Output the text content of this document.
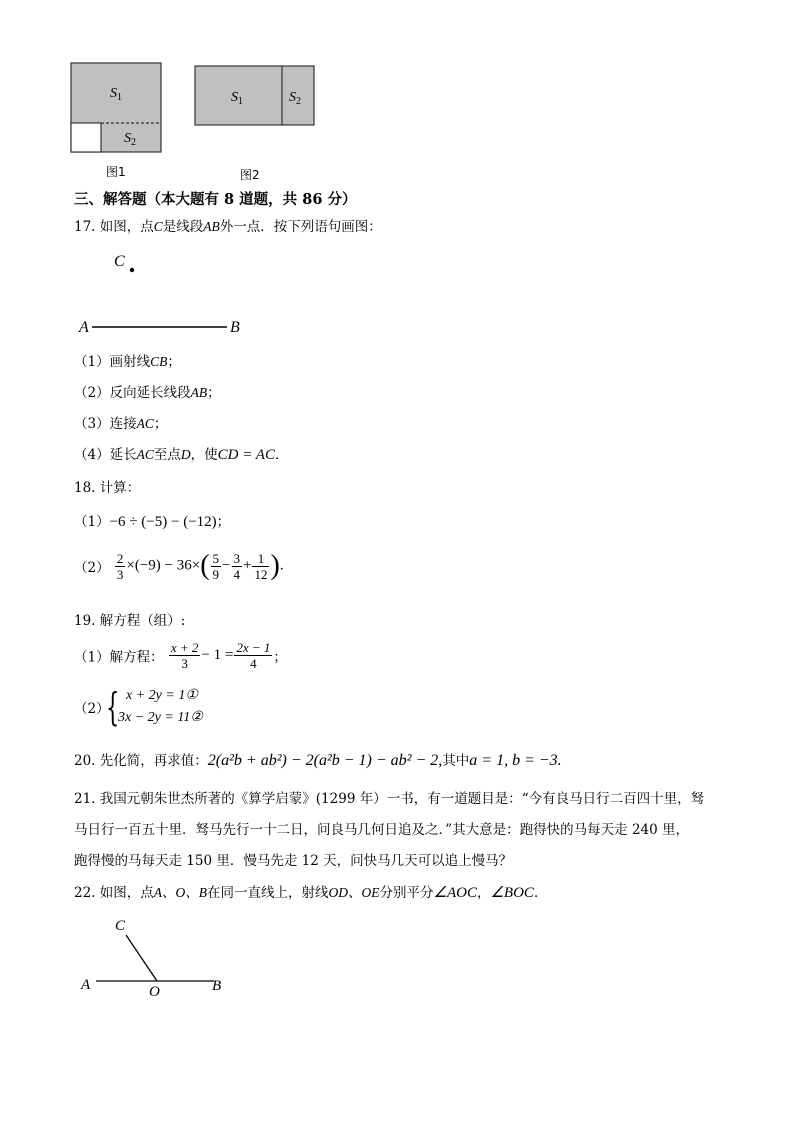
$S_1$
$S_2$
图1
$S_1$	$S_2$
图2
三、解答题（本大题有 8 道题，共 86 分）
17. 如图，点C是线段AB外一点．按下列语句画图：
C
A	B
（1）画射线CB；
（2）反向延长线段AB；
（3）连接AC；
（4）延长AC至点D，使CD = AC．
18. 计算：
（1）−6 ÷ (−5) − (−12)；
$(2) \frac{2}{3} \times(-9) - 36\times( \frac{5}{9} - \frac{3}{4} + \frac{1}{12}$ ).
19. 解方程（组）:
（1）解方程： $\frac{x + 2}{3} - 1 = \frac{2x - 1}{4}$ ；
（2）
{ x + 2y = 1①
3x − 2y = 11②
20. 先化简，再求值：2(a²b + ab²) − 2(a²b − 1) − ab² − 2,其中a = 1, b = −3.
21. 我国元朝朱世杰所著的《算学启蒙》(1299 年）一书，有一道题目是：“今有良马日行二百四十里，驽
马日行一百五十里．驽马先行一十二日，问良马几何日追及之．”其大意是：跑得快的马每天走 240 里，
跑得慢的马每天走 150 里．慢马先走 12 天，问快马几天可以追上慢马？
22. 如图，点A、O、B在同一直线上，射线OD、OE分别平分∠AOC，∠BOC．
C
A	O	B
